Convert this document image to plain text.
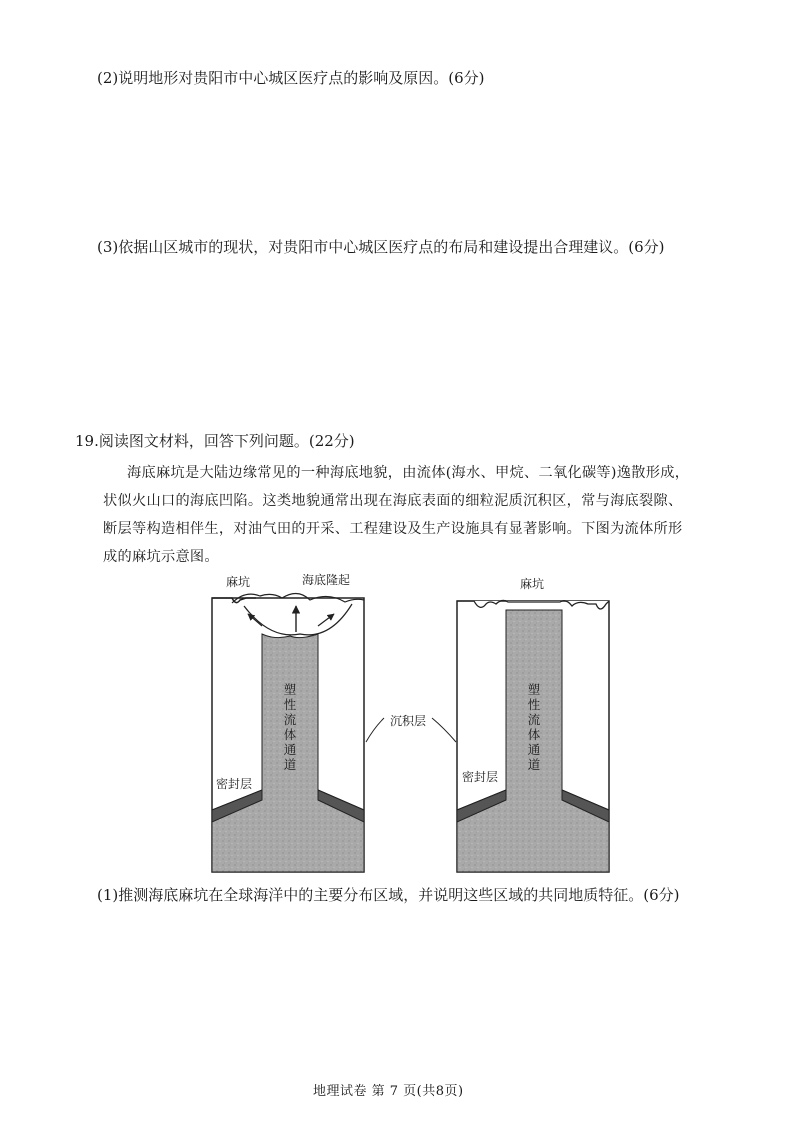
(2)说明地形对贵阳市中心城区医疗点的影响及原因。(6分)
(3)依据山区城市的现状，对贵阳市中心城区医疗点的布局和建设提出合理建议。(6分)
19.阅读图文材料，回答下列问题。(22分)
海底麻坑是大陆边缘常见的一种海底地貌，由流体(海水、甲烷、二氧化碳等)逸散形成，
状似火山口的海底凹陷。这类地貌通常出现在海底表面的细粒泥质沉积区，常与海底裂隙、
断层等构造相伴生，对油气田的开采、工程建设及生产设施具有显著影响。下图为流体所形
成的麻坑示意图。
麻坑	海底隆起	麻坑
沉积层
密封层	密封层
塑性流体通道
塑性流体通道
(1)推测海底麻坑在全球海洋中的主要分布区域，并说明这些区域的共同地质特征。(6分)
地理试卷 第 7 页(共8页)
